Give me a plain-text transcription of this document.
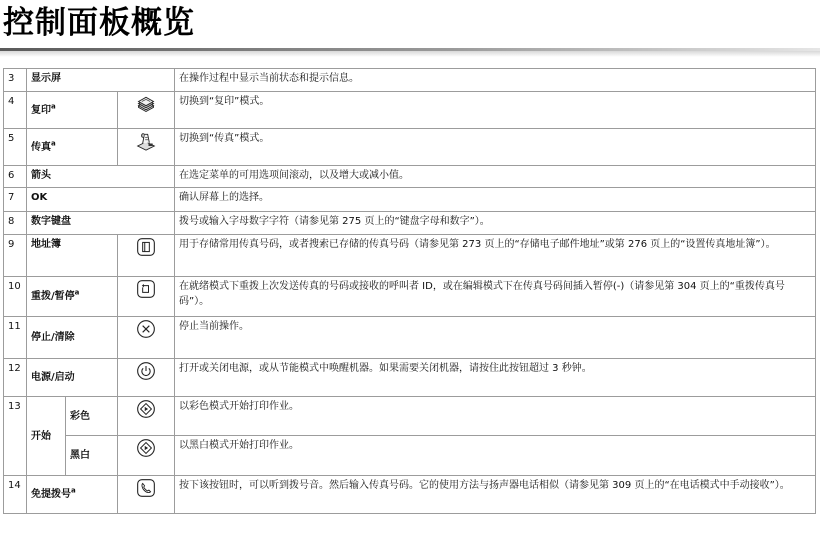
控制面板概览
3	显示屏			在操作过程中显示当前状态和提示信息。
4	复印$^a$			切换到“复印”模式。
5	传真$^a$			切换到“传真”模式。
6	箭头			在选定菜单的可用选项间滚动，以及增大或减小值。
7	OK			确认屏幕上的选择。
8	数字键盘			拨号或输入字母数字字符（请参见第 275 页上的“键盘字母和数字”）。
9	地址簿			用于存储常用传真号码，或者搜索已存储的传真号码（请参见第 273 页上的“存储电子邮件地址”或第 276 页上的“设置传真地址簿”）。
10	重拨/暂停$^a$			在就绪模式下重拨上次发送传真的号码或接收的呼叫者 ID，或在编辑模式下在传真号码间插入暂停(-)（请参见第 304 页上的“重拨传真号码”）。
11	停止/清除			停止当前操作。
12	电源/启动			打开或关闭电源，或从节能模式中唤醒机器。如果需要关闭机器，请按住此按钮超过 3 秒钟。
13	开始	彩色		以彩色模式开始打印作业。
		黑白		以黑白模式开始打印作业。
14	免提拨号$^a$			按下该按钮时，可以听到拨号音。然后输入传真号码。它的使用方法与扬声器电话相似（请参见第 309 页上的“在电话模式中手动接收”）。
